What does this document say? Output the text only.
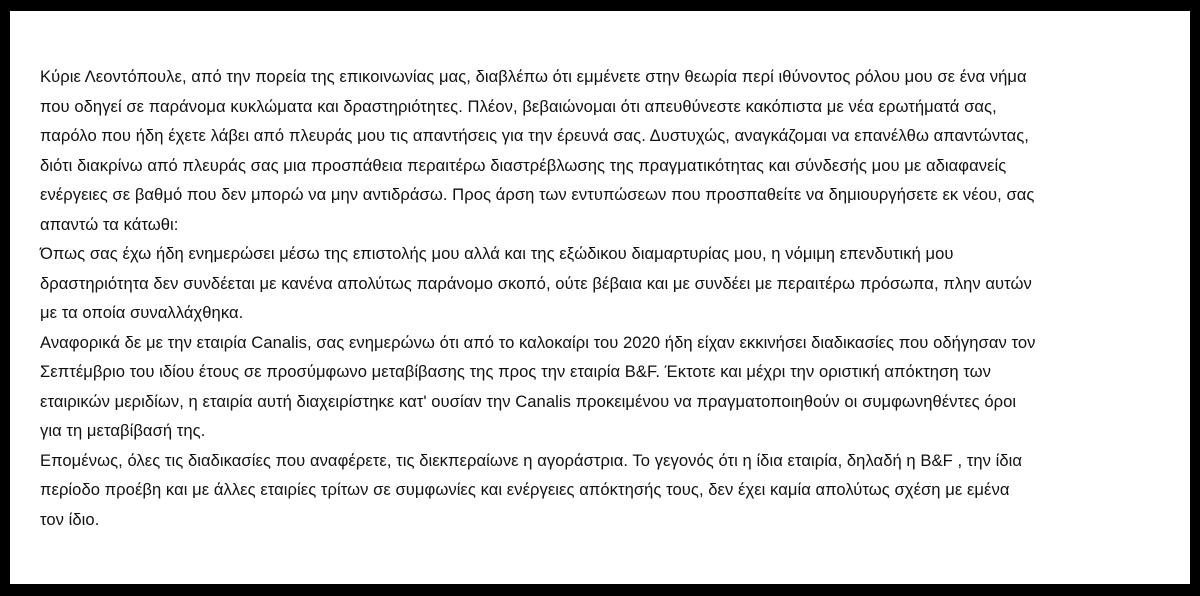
Κύριε Λεοντόπουλε, από την πορεία της επικοινωνίας μας, διαβλέπω ότι εμμένετε στην θεωρία περί ιθύνοντος ρόλου μου σε ένα νήμα
που οδηγεί σε παράνομα κυκλώματα και δραστηριότητες. Πλέον, βεβαιώνομαι ότι απευθύνεστε κακόπιστα με νέα ερωτήματά σας,
παρόλο που ήδη έχετε λάβει από πλευράς μου τις απαντήσεις για την έρευνά σας. Δυστυχώς, αναγκάζομαι να επανέλθω απαντώντας,
διότι διακρίνω από πλευράς σας μια προσπάθεια περαιτέρω διαστρέβλωσης της πραγματικότητας και σύνδεσής μου με αδιαφανείς
ενέργειες σε βαθμό που δεν μπορώ να μην αντιδράσω. Προς άρση των εντυπώσεων που προσπαθείτε να δημιουργήσετε εκ νέου, σας
απαντώ τα κάτωθι:
Όπως σας έχω ήδη ενημερώσει μέσω της επιστολής μου αλλά και της εξώδικου διαμαρτυρίας μου, η νόμιμη επενδυτική μου
δραστηριότητα δεν συνδέεται με κανένα απολύτως παράνομο σκοπό, ούτε βέβαια και με συνδέει με περαιτέρω πρόσωπα, πλην αυτών
με τα οποία συναλλάχθηκα.
Αναφορικά δε με την εταιρία Canalis, σας ενημερώνω ότι από το καλοκαίρι του 2020 ήδη είχαν εκκινήσει διαδικασίες που οδήγησαν τον
Σεπτέμβριο του ιδίου έτους σε προσύμφωνο μεταβίβασης της προς την εταιρία B&F. Έκτοτε και μέχρι την οριστική απόκτηση των
εταιρικών μεριδίων, η εταιρία αυτή διαχειρίστηκε κατ' ουσίαν την Canalis προκειμένου να πραγματοποιηθούν οι συμφωνηθέντες όροι
για τη μεταβίβασή της.
Επομένως, όλες τις διαδικασίες που αναφέρετε, τις διεκπεραίωνε η αγοράστρια. Το γεγονός ότι η ίδια εταιρία, δηλαδή η B&F , την ίδια
περίοδο προέβη και με άλλες εταιρίες τρίτων σε συμφωνίες και ενέργειες απόκτησής τους, δεν έχει καμία απολύτως σχέση με εμένα
τον ίδιο.
